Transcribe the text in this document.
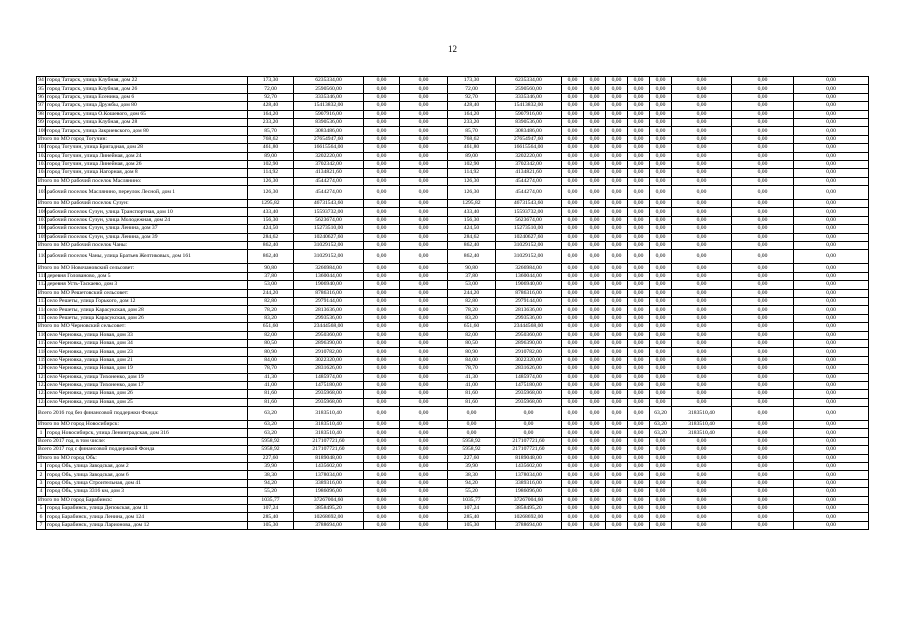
12
94	город Татарск, улица Клубная, дом 22	173,30	6235334,00	0,00	0,00	173,30	6235334,00	0,00	0,00	0,00	0,00	0,00	0,00	0,00	0,00
95	город Татарск, улица Клубная, дом 26	72,00	2590560,00	0,00	0,00	72,00	2590560,00	0,00	0,00	0,00	0,00	0,00	0,00	0,00	0,00
96	город Татарск, улица Есенина, дом 6	92,70	3335346,00	0,00	0,00	92,70	3335346,00	0,00	0,00	0,00	0,00	0,00	0,00	0,00	0,00
97	город Татарск, улица Дружбы, дом 80	428,40	15413832,00	0,00	0,00	428,40	15413832,00	0,00	0,00	0,00	0,00	0,00	0,00	0,00	0,00
98	город Татарск, улица О.Кошевого, дом 65	164,20	5907916,00	0,00	0,00	164,20	5907916,00	0,00	0,00	0,00	0,00	0,00	0,00	0,00	0,00
99	город Татарск, улица Клубная, дом 28	233,20	8390536,00	0,00	0,00	233,20	8390536,00	0,00	0,00	0,00	0,00	0,00	0,00	0,00	0,00
100	город Татарск, улица Закриевского, дом 80	85,70	3083486,00	0,00	0,00	85,70	3083486,00	0,00	0,00	0,00	0,00	0,00	0,00	0,00	0,00
Итого по МО город Тогучин:		768,62	27654947,60	0,00	0,00	768,62	27654947,60	0,00	0,00	0,00	0,00	0,00	0,00	0,00	0,00
101	город Тогучин, улица Бригадная, дом 28	461,80	16615564,00	0,00	0,00	461,80	16615564,00	0,00	0,00	0,00	0,00	0,00	0,00	0,00	0,00
102	город Тогучин, улица Линейная, дом 24	89,00	3202220,00	0,00	0,00	89,00	3202220,00	0,00	0,00	0,00	0,00	0,00	0,00	0,00	0,00
103	город Тогучин, улица Линейная, дом 26	102,90	3702342,00	0,00	0,00	102,90	3702342,00	0,00	0,00	0,00	0,00	0,00	0,00	0,00	0,00
104	город Тогучин, улица Нагорная, дом 8	114,92	4134821,60	0,00	0,00	114,92	4134821,60	0,00	0,00	0,00	0,00	0,00	0,00	0,00	0,00
Итого по МО рабочий поселок Маслянино:		126,30	4544274,00	0,00	0,00	126,30	4544274,00	0,00	0,00	0,00	0,00	0,00	0,00	0,00	0,00
105	рабочий поселок Маслянино, переулок Лесной, дом 1	126,30	4544274,00	0,00	0,00	126,30	4544274,00	0,00	0,00	0,00	0,00	0,00	0,00	0,00	0,00
Итого по МО рабочий поселок Сузун:		1295,82	46731543,60	0,00	0,00	1295,82	46731543,60	0,00	0,00	0,00	0,00	0,00	0,00	0,00	0,00
106	рабочий поселок Сузун, улица Транспортная, дом 10	433,40	15593732,00	0,00	0,00	433,40	15593732,00	0,00	0,00	0,00	0,00	0,00	0,00	0,00	0,00
107	рабочий поселок Сузун, улица Молодежная, дом 24	156,30	5623674,00	0,00	0,00	156,30	5623674,00	0,00	0,00	0,00	0,00	0,00	0,00	0,00	0,00
108	рабочий поселок Сузун, улица Ленина, дом 37	424,50	15273510,00	0,00	0,00	424,50	15273510,00	0,00	0,00	0,00	0,00	0,00	0,00	0,00	0,00
109	рабочий поселок Сузун, улица Ленина, дом 39	284,62	10240627,60	0,00	0,00	284,62	10240627,60	0,00	0,00	0,00	0,00	0,00	0,00	0,00	0,00
Итого по МО рабочий поселок Чаны:		862,40	31029152,00	0,00	0,00	862,40	31029152,00	0,00	0,00	0,00	0,00	0,00	0,00	0,00	0,00
110	рабочий поселок Чаны, улица Братьев Желтиковых, дом 161	862,40	31029152,00	0,00	0,00	862,40	31029152,00	0,00	0,00	0,00	0,00	0,00	0,00	0,00	0,00
Итого по МО Новочановский сельсовет:		90,80	3266984,00	0,00	0,00	90,80	3266984,00	0,00	0,00	0,00	0,00	0,00	0,00	0,00	0,00
111	деревня Голованово, дом 5	37,80	1360044,00	0,00	0,00	37,80	1360044,00	0,00	0,00	0,00	0,00	0,00	0,00	0,00	0,00
112	деревня Усть-Таскаево, дом 3	53,00	1906940,00	0,00	0,00	53,00	1906940,00	0,00	0,00	0,00	0,00	0,00	0,00	0,00	0,00
Итого по МО Решетовский сельсовет:		244,20	8786316,00	0,00	0,00	244,20	8786316,00	0,00	0,00	0,00	0,00	0,00	0,00	0,00	0,00
113	село Решеты, улица Горького, дом 12	82,80	2979144,00	0,00	0,00	82,80	2979144,00	0,00	0,00	0,00	0,00	0,00	0,00	0,00	0,00
114	село Решеты, улица Карасукская, дом 28	78,20	2813636,00	0,00	0,00	78,20	2813636,00	0,00	0,00	0,00	0,00	0,00	0,00	0,00	0,00
115	село Решеты, улица Карасукская, дом 26	83,20	2993536,00	0,00	0,00	83,20	2993536,00	0,00	0,00	0,00	0,00	0,00	0,00	0,00	0,00
Итого по МО Черновский сельсовет:		651,60	23444568,00	0,00	0,00	651,60	23444568,00	0,00	0,00	0,00	0,00	0,00	0,00	0,00	0,00
116	село Черновка, улица Новая, дом 33	82,00	2950360,00	0,00	0,00	82,00	2950360,00	0,00	0,00	0,00	0,00	0,00	0,00	0,00	0,00
117	село Черновка, улица Новая, дом 34	80,50	2896390,00	0,00	0,00	80,50	2896390,00	0,00	0,00	0,00	0,00	0,00	0,00	0,00	0,00
118	село Черновка, улица Новая, дом 23	80,90	2910782,00	0,00	0,00	80,90	2910782,00	0,00	0,00	0,00	0,00	0,00	0,00	0,00	0,00
119	село Черновка, улица Новая, дом 21	84,00	3022320,00	0,00	0,00	84,00	3022320,00	0,00	0,00	0,00	0,00	0,00	0,00	0,00	0,00
120	село Черновка, улица Новая, дом 19	78,70	2831626,00	0,00	0,00	78,70	2831626,00	0,00	0,00	0,00	0,00	0,00	0,00	0,00	0,00
121	село Черновка, улица Тихоненко, дом 19	41,30	1485974,00	0,00	0,00	41,30	1485974,00	0,00	0,00	0,00	0,00	0,00	0,00	0,00	0,00
122	село Черновка, улица Тихоненко, дом 17	41,00	1475180,00	0,00	0,00	41,00	1475180,00	0,00	0,00	0,00	0,00	0,00	0,00	0,00	0,00
123	село Черновка, улица Новая, дом 26	81,60	2935968,00	0,00	0,00	81,60	2935968,00	0,00	0,00	0,00	0,00	0,00	0,00	0,00	0,00
124	село Черновка, улица Новая, дом 25	81,60	2935968,00	0,00	0,00	81,60	2935968,00	0,00	0,00	0,00	0,00	0,00	0,00	0,00	0,00
Всего 2016 год без финансовой поддержки Фонда:		63,20	3183510,40	0,00	0,00	0,00	0,00	0,00	0,00	0,00	0,00	63,20	3183510,40	0,00	0,00
Итого по МО город Новосибирск:		63,20	3183510,40	0,00	0,00	0,00	0,00	0,00	0,00	0,00	0,00	63,20	3183510,40	0,00	0,00
1	город Новосибирск, улица Ленинградская, дом 316	63,20	3183510,40	0,00	0,00	0,00	0,00	0,00	0,00	0,00	0,00	63,20	3183510,40	0,00	0,00
Всего 2017 год, в том числе:		5958,92	217107721,60	0,00	0,00	5958,92	217107721,60	0,00	0,00	0,00	0,00	0,00	0,00	0,00	0,00
Всего 2017 год с финансовой поддержкой Фонда		5958,92	217107721,60	0,00	0,00	5958,92	217107721,60	0,00	0,00	0,00	0,00	0,00	0,00	0,00	0,00
Итого по МО город Обь:		227,60	8189048,00	0,00	0,00	227,60	8189048,00	0,00	0,00	0,00	0,00	0,00	0,00	0,00	0,00
1	город Обь, улица Заводская, дом 2	39,90	1435602,00	0,00	0,00	39,90	1435602,00	0,00	0,00	0,00	0,00	0,00	0,00	0,00	0,00
2	город Обь, улица Заводская, дом 6	38,30	1378034,00	0,00	0,00	38,30	1378034,00	0,00	0,00	0,00	0,00	0,00	0,00	0,00	0,00
3	город Обь, улица Строительная, дом 41	94,20	3389316,00	0,00	0,00	94,20	3389316,00	0,00	0,00	0,00	0,00	0,00	0,00	0,00	0,00
4	город Обь, улица 3316 км, дом 3	55,20	1986096,00	0,00	0,00	55,20	1986096,00	0,00	0,00	0,00	0,00	0,00	0,00	0,00	0,00
Итого по МО город Барабинск:		1035,77	37267004,60	0,00	0,00	1035,77	37267004,60	0,00	0,00	0,00	0,00	0,00	0,00	0,00	0,00
5	город Барабинск, улица Депокская, дом 11	107,24	3858495,20	0,00	0,00	107,24	3858495,20	0,00	0,00	0,00	0,00	0,00	0,00	0,00	0,00
6	город Барабинск, улица Ленина, дом 124	285,40	10268692,00	0,00	0,00	285,40	10268692,00	0,00	0,00	0,00	0,00	0,00	0,00	0,00	0,00
7	город Барабинск, улица Ларионова, дом 12	105,30	3788694,00	0,00	0,00	105,30	3788694,00	0,00	0,00	0,00	0,00	0,00	0,00	0,00	0,00
